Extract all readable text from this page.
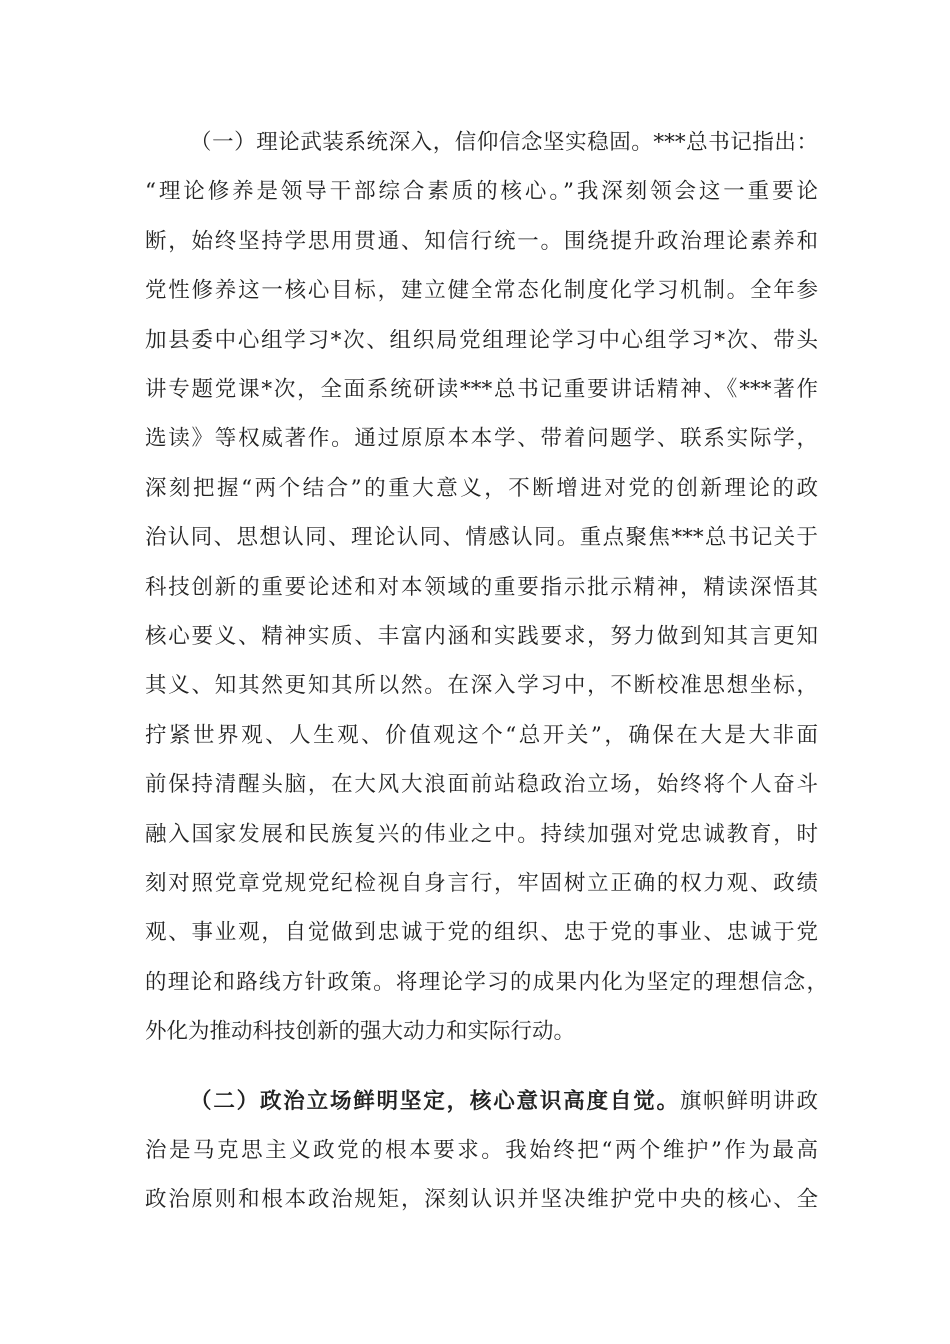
（一）理论武装系统深入，信仰信念坚实稳固。***总书记指出：
“理论修养是领导干部综合素质的核心。”我深刻领会这一重要论
断，始终坚持学思用贯通、知信行统一。围绕提升政治理论素养和
党性修养这一核心目标，建立健全常态化制度化学习机制。全年参
加县委中心组学习*次、组织局党组理论学习中心组学习*次、带头
讲专题党课*次，全面系统研读***总书记重要讲话精神、《***著作
选读》等权威著作。通过原原本本学、带着问题学、联系实际学，
深刻把握“两个结合”的重大意义，不断增进对党的创新理论的政
治认同、思想认同、理论认同、情感认同。重点聚焦***总书记关于
科技创新的重要论述和对本领域的重要指示批示精神，精读深悟其
核心要义、精神实质、丰富内涵和实践要求，努力做到知其言更知
其义、知其然更知其所以然。在深入学习中，不断校准思想坐标，
拧紧世界观、人生观、价值观这个“总开关”，确保在大是大非面
前保持清醒头脑，在大风大浪面前站稳政治立场，始终将个人奋斗
融入国家发展和民族复兴的伟业之中。持续加强对党忠诚教育，时
刻对照党章党规党纪检视自身言行，牢固树立正确的权力观、政绩
观、事业观，自觉做到忠诚于党的组织、忠于党的事业、忠诚于党
的理论和路线方针政策。将理论学习的成果内化为坚定的理想信念，
外化为推动科技创新的强大动力和实际行动。
（二）政治立场鲜明坚定，核心意识高度自觉。旗帜鲜明讲政
治是马克思主义政党的根本要求。我始终把“两个维护”作为最高
政治原则和根本政治规矩，深刻认识并坚决维护党中央的核心、全
